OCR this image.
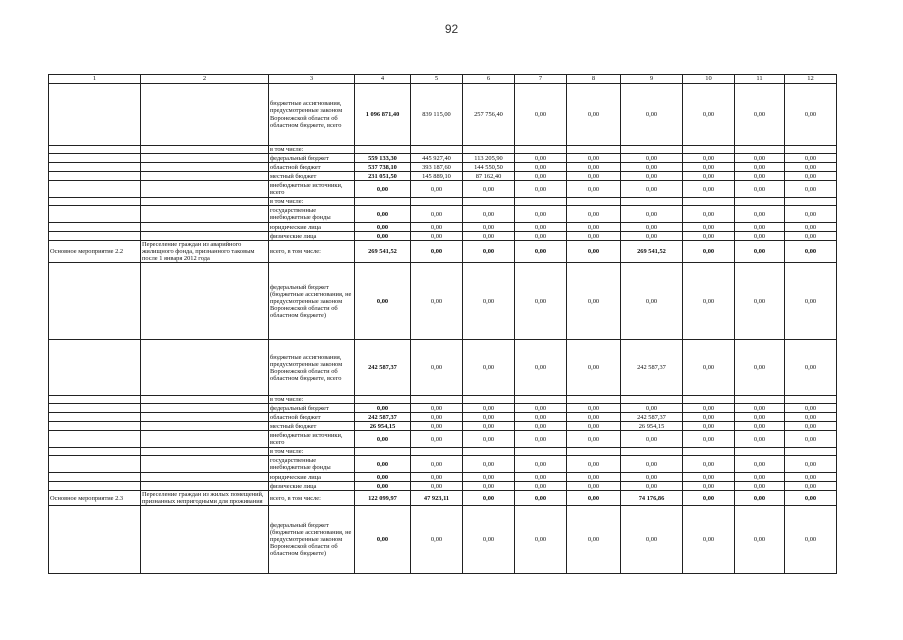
92
1	2	3	4	5	6	7	8	9	10	11	12
		бюджетные ассигнования, предусмотренные законом Воронежской области об областном бюджете, всего	1 096 871,40	839 115,00	257 756,40	0,00	0,00	0,00	0,00	0,00	0,00
		в том числе:									
		федеральный бюджет	559 133,30	445 927,40	113 205,90	0,00	0,00	0,00	0,00	0,00	0,00
		областной бюджет	537 738,10	393 187,60	144 550,50	0,00	0,00	0,00	0,00	0,00	0,00
		местный бюджет	231 051,50	145 889,10	87 162,40	0,00	0,00	0,00	0,00	0,00	0,00
		внебюджетные источники, всего	0,00	0,00	0,00	0,00	0,00	0,00	0,00	0,00	0,00
		в том числе:									
		государственные внебюджетные фонды	0,00	0,00	0,00	0,00	0,00	0,00	0,00	0,00	0,00
		юридические лица	0,00	0,00	0,00	0,00	0,00	0,00	0,00	0,00	0,00
		физические лица	0,00	0,00	0,00	0,00	0,00	0,00	0,00	0,00	0,00
Основное мероприятие 2.2	Переселение граждан из аварийного жилищного фонда, признанного таковым после 1 января 2012 года	всего, в том числе:	269 541,52	0,00	0,00	0,00	0,00	269 541,52	0,00	0,00	0,00
		федеральный бюджет (бюджетные ассигнования, не предусмотренные законом Воронежской области об областном бюджете)	0,00	0,00	0,00	0,00	0,00	0,00	0,00	0,00	0,00
		бюджетные ассигнования, предусмотренные законом Воронежской области об областном бюджете, всего	242 587,37	0,00	0,00	0,00	0,00	242 587,37	0,00	0,00	0,00
		в том числе:									
		федеральный бюджет	0,00	0,00	0,00	0,00	0,00	0,00	0,00	0,00	0,00
		областной бюджет	242 587,37	0,00	0,00	0,00	0,00	242 587,37	0,00	0,00	0,00
		местный бюджет	26 954,15	0,00	0,00	0,00	0,00	26 954,15	0,00	0,00	0,00
		внебюджетные источники, всего	0,00	0,00	0,00	0,00	0,00	0,00	0,00	0,00	0,00
		в том числе:									
		государственные внебюджетные фонды	0,00	0,00	0,00	0,00	0,00	0,00	0,00	0,00	0,00
		юридические лица	0,00	0,00	0,00	0,00	0,00	0,00	0,00	0,00	0,00
		физические лица	0,00	0,00	0,00	0,00	0,00	0,00	0,00	0,00	0,00
Основное мероприятие 2.3	Переселение граждан из жилых помещений, признанных непригодными для проживания	всего, в том числе:	122 099,97	47 923,11	0,00	0,00	0,00	74 176,86	0,00	0,00	0,00
		федеральный бюджет (бюджетные ассигнования, не предусмотренные законом Воронежской области об областном бюджете)	0,00	0,00	0,00	0,00	0,00	0,00	0,00	0,00	0,00
